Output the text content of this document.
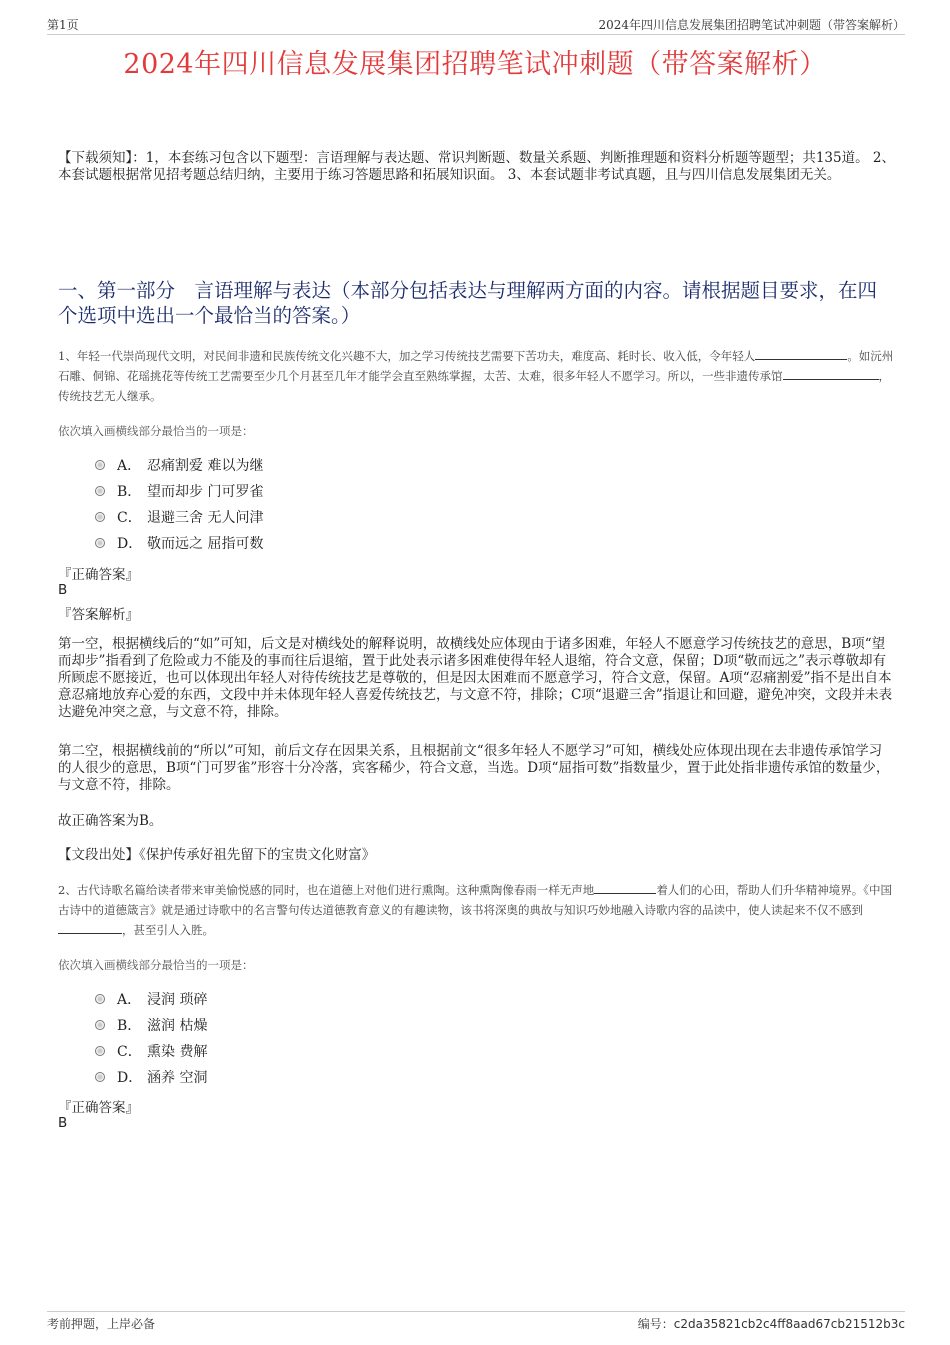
第1页	2024年四川信息发展集团招聘笔试冲刺题（带答案解析）
2024年四川信息发展集团招聘笔试冲刺题（带答案解析）
【下载须知】：1，本套练习包含以下题型：言语理解与表达题、常识判断题、数量关系题、判断推理题和资料分析题等题型；共135道。 2、本套试题根据常见招考题总结归纳，主要用于练习答题思路和拓展知识面。 3、本套试题非考试真题，且与四川信息发展集团无关。
一、第一部分　言语理解与表达（本部分包括表达与理解两方面的内容。请根据题目要求，在四个选项中选出一个最恰当的答案。）
1、年轻一代崇尚现代文明，对民间非遗和民族传统文化兴趣不大，加之学习传统技艺需要下苦功夫，难度高、耗时长、收入低，令年轻人	。如沅州石雕、侗锦、花瑶挑花等传统工艺需要至少几个月甚至几年才能学会直至熟练掌握，太苦、太难，很多年轻人不愿学习。所以，一些非遗传承馆	，传统技艺无人继承。
依次填入画横线部分最恰当的一项是：
A． 忍痛割爱 难以为继
B． 望而却步 门可罗雀
C． 退避三舍 无人问津
D． 敬而远之 屈指可数
『正确答案』
B
『答案解析』
第一空，根据横线后的“如”可知，后文是对横线处的解释说明，故横线处应体现由于诸多困难，年轻人不愿意学习传统技艺的意思，B项“望而却步”指看到了危险或力不能及的事而往后退缩，置于此处表示诸多困难使得年轻人退缩，符合文意，保留；D项“敬而远之”表示尊敬却有所顾虑不愿接近，也可以体现出年轻人对待传统技艺是尊敬的，但是因太困难而不愿意学习，符合文意，保留。A项“忍痛割爱”指不是出自本意忍痛地放弃心爱的东西，文段中并未体现年轻人喜爱传统技艺，与文意不符，排除；C项“退避三舍”指退让和回避，避免冲突，文段并未表达避免冲突之意，与文意不符，排除。
第二空，根据横线前的“所以”可知，前后文存在因果关系，且根据前文“很多年轻人不愿学习”可知，横线处应体现出现在去非遗传承馆学习的人很少的意思，B项“门可罗雀”形容十分冷落，宾客稀少，符合文意，当选。D项“屈指可数”指数量少，置于此处指非遗传承馆的数量少，与文意不符，排除。
故正确答案为B。
【文段出处】《保护传承好祖先留下的宝贵文化财富》
2、古代诗歌名篇给读者带来审美愉悦感的同时，也在道德上对他们进行熏陶。这种熏陶像春雨一样无声地	着人们的心田，帮助人们升华精神境界。《中国古诗中的道德箴言》就是通过诗歌中的名言警句传达道德教育意义的有趣读物，该书将深奥的典故与知识巧妙地融入诗歌内容的品读中，使人读起来不仅不感到，甚至引人入胜。
依次填入画横线部分最恰当的一项是：
A． 浸润 琐碎
B． 滋润 枯燥
C． 熏染 费解
D． 涵养 空洞
『正确答案』
B
考前押题，上岸必备	编号：c2da35821cb2c4ff8aad67cb21512b3c
